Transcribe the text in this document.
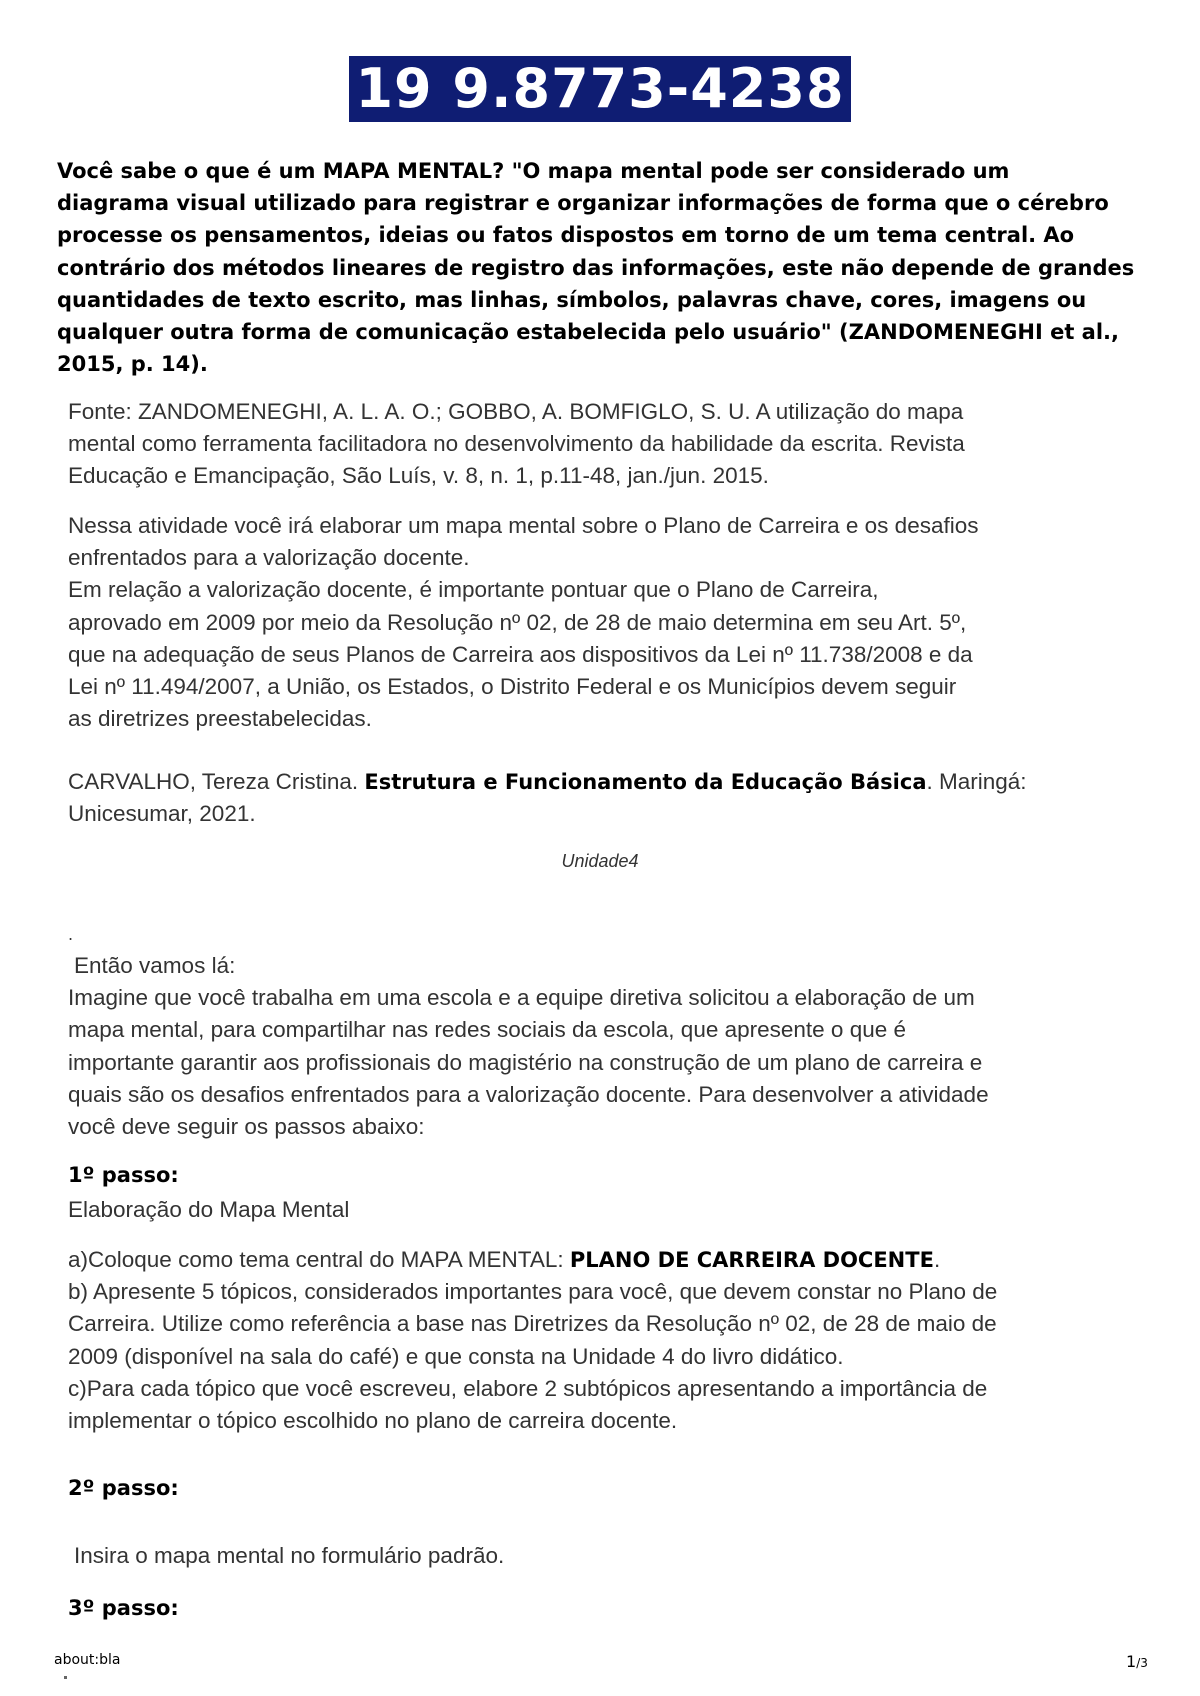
19 9.8773-4238
Você sabe o que é um MAPA MENTAL? "O mapa mental pode ser considerado um
diagrama visual utilizado para registrar e organizar informações de forma que o cérebro
processe os pensamentos, ideias ou fatos dispostos em torno de um tema central. Ao
contrário dos métodos lineares de registro das informações, este não depende de grandes
quantidades de texto escrito, mas linhas, símbolos, palavras chave, cores, imagens ou
qualquer outra forma de comunicação estabelecida pelo usuário" (ZANDOMENEGHI et al.,
2015, p. 14).
Fonte: ZANDOMENEGHI, A. L. A. O.; GOBBO, A. BOMFIGLO, S. U. A utilização do mapa
mental como ferramenta facilitadora no desenvolvimento da habilidade da escrita. Revista
Educação e Emancipação, São Luís, v. 8, n. 1, p.11-48, jan./jun. 2015.
Nessa atividade você irá elaborar um mapa mental sobre o Plano de Carreira e os desafios
enfrentados para a valorização docente.
Em relação a valorização docente, é importante pontuar que o Plano de Carreira,
aprovado em 2009 por meio da Resolução nº 02, de 28 de maio determina em seu Art. 5º,
que na adequação de seus Planos de Carreira aos dispositivos da Lei nº 11.738/2008 e da
Lei nº 11.494/2007, a União, os Estados, o Distrito Federal e os Municípios devem seguir
as diretrizes preestabelecidas.
CARVALHO, Tereza Cristina. Estrutura e Funcionamento da Educação Básica. Maringá:
Unicesumar, 2021.
Unidade4
.
Então vamos lá:
Imagine que você trabalha em uma escola e a equipe diretiva solicitou a elaboração de um
mapa mental, para compartilhar nas redes sociais da escola, que apresente o que é
importante garantir aos profissionais do magistério na construção de um plano de carreira e
quais são os desafios enfrentados para a valorização docente. Para desenvolver a atividade
você deve seguir os passos abaixo:
1º passo:
Elaboração do Mapa Mental
a)Coloque como tema central do MAPA MENTAL: PLANO DE CARREIRA DOCENTE.
b) Apresente 5 tópicos, considerados importantes para você, que devem constar no Plano de
Carreira. Utilize como referência a base nas Diretrizes da Resolução nº 02, de 28 de maio de
2009 (disponível na sala do café) e que consta na Unidade 4 do livro didático.
c)Para cada tópico que você escreveu, elabore 2 subtópicos apresentando a importância de
implementar o tópico escolhido no plano de carreira docente.
2º passo:
Insira o mapa mental no formulário padrão.
3º passo:
about:bla	1/3
